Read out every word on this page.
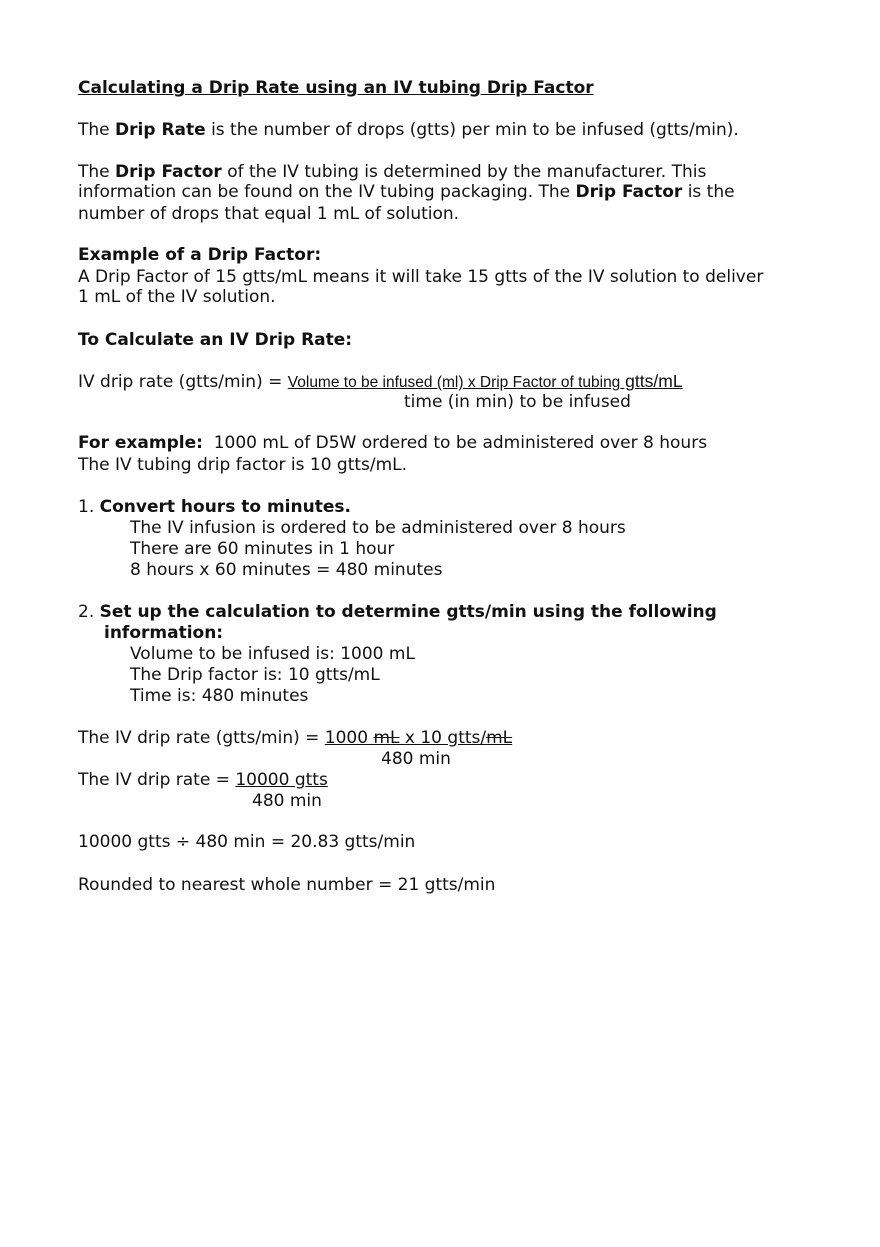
Calculating a Drip Rate using an IV tubing Drip Factor
The Drip Rate is the number of drops (gtts) per min to be infused (gtts/min).
The Drip Factor of the IV tubing is determined by the manufacturer. This
information can be found on the IV tubing packaging. The Drip Factor is the
number of drops that equal 1 mL of solution.
Example of a Drip Factor:
A Drip Factor of 15 gtts/mL means it will take 15 gtts of the IV solution to deliver
1 mL of the IV solution.
To Calculate an IV Drip Rate:
IV drip rate (gtts/min) = Volume to be infused (ml) x Drip Factor of tubing gtts/mL
time (in min) to be infused
For example:  1000 mL of D5W ordered to be administered over 8 hours
The IV tubing drip factor is 10 gtts/mL.
1. Convert hours to minutes.
The IV infusion is ordered to be administered over 8 hours
There are 60 minutes in 1 hour
8 hours x 60 minutes = 480 minutes
2. Set up the calculation to determine gtts/min using the following
information:
Volume to be infused is: 1000 mL
The Drip factor is: 10 gtts/mL
Time is: 480 minutes
The IV drip rate (gtts/min) = 1000 mL x 10 gtts/mL
480 min
The IV drip rate = 10000 gtts
480 min
10000 gtts ÷ 480 min = 20.83 gtts/min
Rounded to nearest whole number = 21 gtts/min
